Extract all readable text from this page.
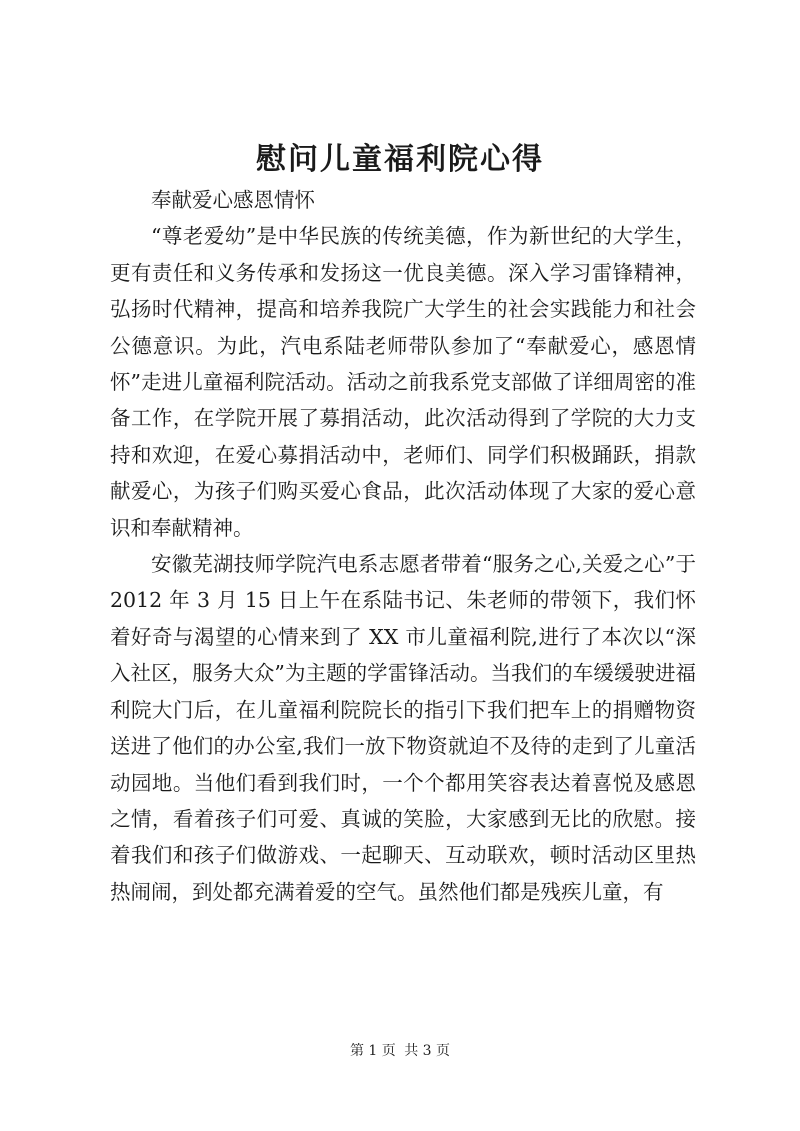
慰问儿童福利院心得

奉献爱心感恩情怀

“尊老爱幼”是中华民族的传统美德，作为新世纪的大学生，更有责任和义务传承和发扬这一优良美德。深入学习雷锋精神，弘扬时代精神，提高和培养我院广大学生的社会实践能力和社会公德意识。为此，汽电系陆老师带队参加了“奉献爱心，感恩情怀”走进儿童福利院活动。活动之前我系党支部做了详细周密的准备工作，在学院开展了募捐活动，此次活动得到了学院的大力支持和欢迎，在爱心募捐活动中，老师们、同学们积极踊跃，捐款献爱心，为孩子们购买爱心食品，此次活动体现了大家的爱心意识和奉献精神。

安徽芜湖技师学院汽电系志愿者带着“服务之心,关爱之心”于 2012 年 3 月 15 日上午在系陆书记、朱老师的带领下，我们怀着好奇与渴望的心情来到了 XX 市儿童福利院,进行了本次以“深入社区，服务大众”为主题的学雷锋活动。当我们的车缓缓驶进福利院大门后，在儿童福利院院长的指引下我们把车上的捐赠物资送进了他们的办公室,我们一放下物资就迫不及待的走到了儿童活动园地。当他们看到我们时，一个个都用笑容表达着喜悦及感恩之情，看着孩子们可爱、真诚的笑脸，大家感到无比的欣慰。接着我们和孩子们做游戏、一起聊天、互动联欢，顿时活动区里热热闹闹，到处都充满着爱的空气。虽然他们都是残疾儿童，有

第 1 页 共 3 页
